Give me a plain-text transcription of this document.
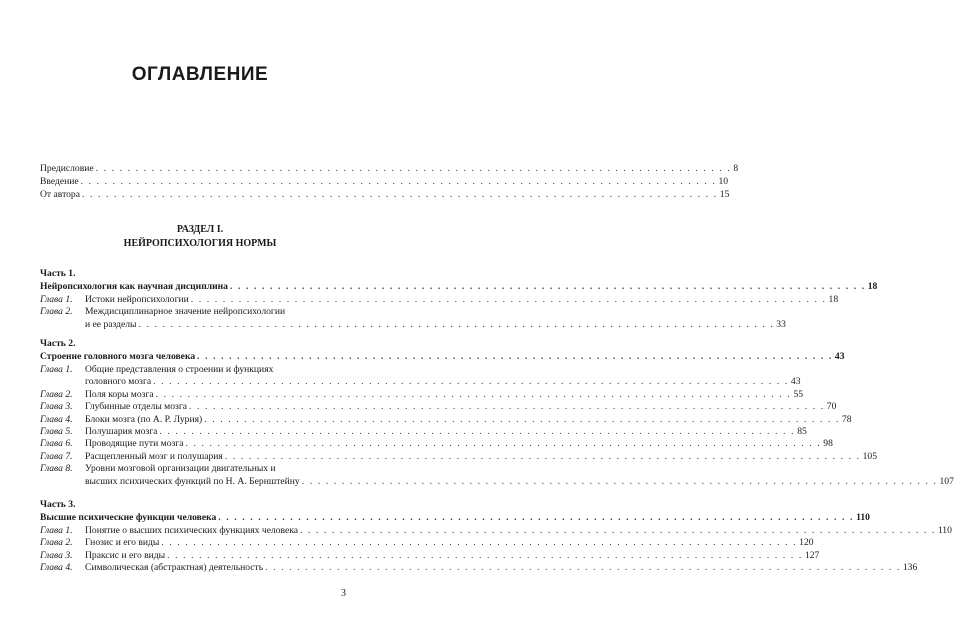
ОГЛАВЛЕНИЕ
Предисловие . . . . . . . . . . . . . . . . . . . . . . . . . . . . . . . . . . . . . . . . . . . . . . . . . . . . . . . . . . . . . . . . . . . . . . . . . . . . . . . . 8
Введение . . . . . . . . . . . . . . . . . . . . . . . . . . . . . . . . . . . . . . . . . . . . . . . . . . . . . . . . . . . . . . . . . . . . . . . . . . . . . . . . 10
От автора . . . . . . . . . . . . . . . . . . . . . . . . . . . . . . . . . . . . . . . . . . . . . . . . . . . . . . . . . . . . . . . . . . . . . . . . . . . . . . . . 15
РАЗДЕЛ I.
НЕЙРОПСИХОЛОГИЯ НОРМЫ
Часть 1.
Нейропсихология как научная дисциплина . . . . . . . . . . . . . . . . . . . . . . . . . . . . . . . . . . . . . . . . . . . . . . . . . . . . . . . . . . . . . . . . . . . . . . . . . . . . . . . . 18
Глава 1. Истоки нейропсихологии . . . . . . . . . . . . . . . . . . . . . . . . . . . . . . . . . . . . . . . . . . . . . . . . . . . . . . . . . . . . . . . . . . . . . . . . . . . . . . . . 18
Глава 2. Междисциплинарное значение нейропсихологии
и ее разделы . . . . . . . . . . . . . . . . . . . . . . . . . . . . . . . . . . . . . . . . . . . . . . . . . . . . . . . . . . . . . . . . . . . . . . . . . . . . . . . . 33
Часть 2.
Строение головного мозга человека . . . . . . . . . . . . . . . . . . . . . . . . . . . . . . . . . . . . . . . . . . . . . . . . . . . . . . . . . . . . . . . . . . . . . . . . . . . . . . . . 43
Глава 1. Общие представления о строении и функциях
головного мозга . . . . . . . . . . . . . . . . . . . . . . . . . . . . . . . . . . . . . . . . . . . . . . . . . . . . . . . . . . . . . . . . . . . . . . . . . . . . . . . . 43
Глава 2. Поля коры мозга . . . . . . . . . . . . . . . . . . . . . . . . . . . . . . . . . . . . . . . . . . . . . . . . . . . . . . . . . . . . . . . . . . . . . . . . . . . . . . . . 55
Глава 3. Глубинные отделы мозга . . . . . . . . . . . . . . . . . . . . . . . . . . . . . . . . . . . . . . . . . . . . . . . . . . . . . . . . . . . . . . . . . . . . . . . . . . . . . . . . 70
Глава 4. Блоки мозга (по А. Р. Лурия) . . . . . . . . . . . . . . . . . . . . . . . . . . . . . . . . . . . . . . . . . . . . . . . . . . . . . . . . . . . . . . . . . . . . . . . . . . . . . . . . 78
Глава 5. Полушария мозга . . . . . . . . . . . . . . . . . . . . . . . . . . . . . . . . . . . . . . . . . . . . . . . . . . . . . . . . . . . . . . . . . . . . . . . . . . . . . . . . 85
Глава 6. Проводящие пути мозга . . . . . . . . . . . . . . . . . . . . . . . . . . . . . . . . . . . . . . . . . . . . . . . . . . . . . . . . . . . . . . . . . . . . . . . . . . . . . . . . 98
Глава 7. Расщепленный мозг и полушария . . . . . . . . . . . . . . . . . . . . . . . . . . . . . . . . . . . . . . . . . . . . . . . . . . . . . . . . . . . . . . . . . . . . . . . . . . . . . . . . 105
Глава 8. Уровни мозговой организации двигательных и
высших психических функций по Н. А. Бернштейну . . . . . . . . . . . . . . . . . . . . . . . . . . . . . . . . . . . . . . . . . . . . . . . . . . . . . . . . . . . . . . . . . . . . . . . . . . . . . . . . 107
Часть 3.
Высшие психические функции человека . . . . . . . . . . . . . . . . . . . . . . . . . . . . . . . . . . . . . . . . . . . . . . . . . . . . . . . . . . . . . . . . . . . . . . . . . . . . . . . . 110
Глава 1. Понятие о высших психических функциях человека . . . . . . . . . . . . . . . . . . . . . . . . . . . . . . . . . . . . . . . . . . . . . . . . . . . . . . . . . . . . . . . . . . . . . . . . . . . . . . . . 110
Глава 2. Гнозис и его виды . . . . . . . . . . . . . . . . . . . . . . . . . . . . . . . . . . . . . . . . . . . . . . . . . . . . . . . . . . . . . . . . . . . . . . . . . . . . . . . . 120
Глава 3. Праксис и его виды . . . . . . . . . . . . . . . . . . . . . . . . . . . . . . . . . . . . . . . . . . . . . . . . . . . . . . . . . . . . . . . . . . . . . . . . . . . . . . . . 127
Глава 4. Символическая (абстрактная) деятельность . . . . . . . . . . . . . . . . . . . . . . . . . . . . . . . . . . . . . . . . . . . . . . . . . . . . . . . . . . . . . . . . . . . . . . . . . . . . . . . . 136
3
